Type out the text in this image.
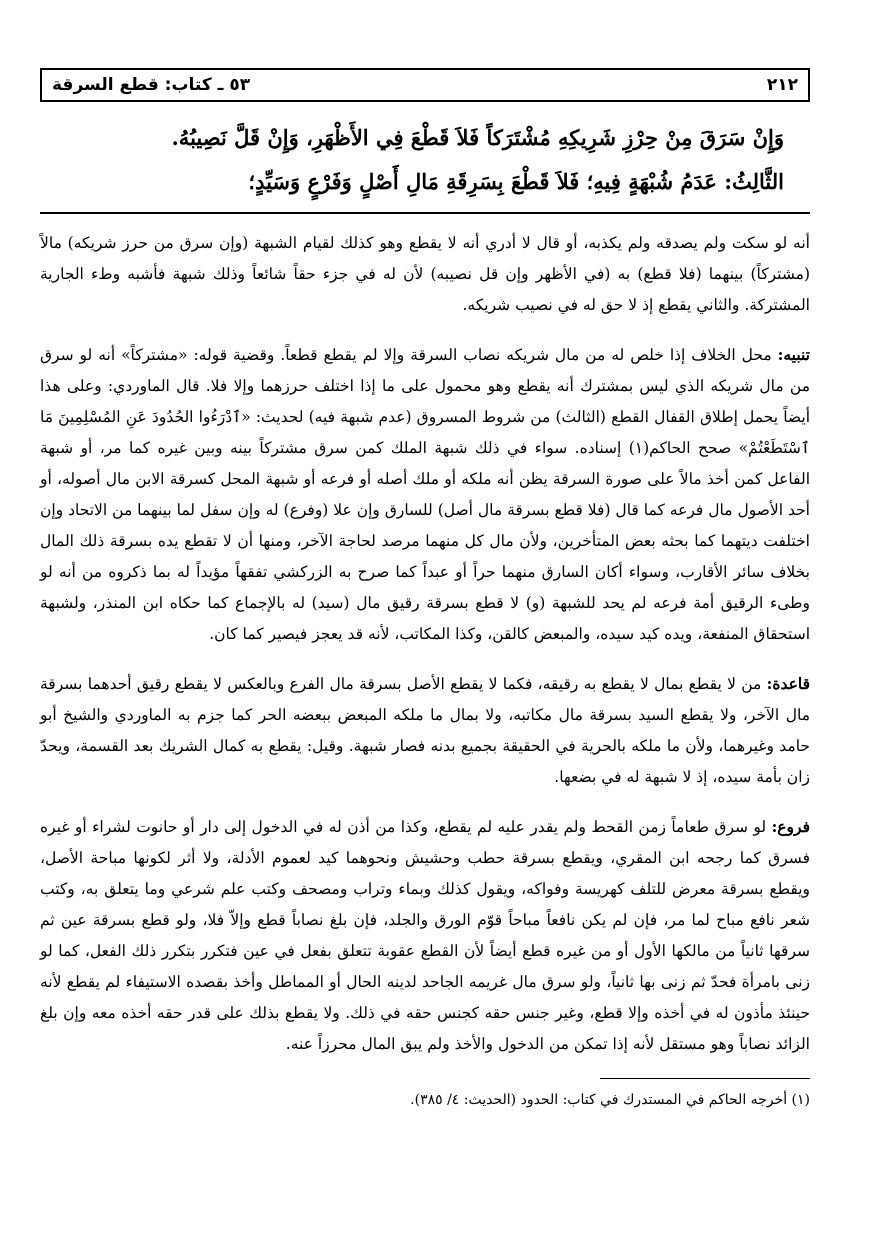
٢١٢
٥٣ ـ كتاب: قطع السرقة
وَإِنْ سَرَقَ مِنْ حِرْزِ شَرِيكِهِ مُشْتَرَكاً فَلاَ قَطْعَ فِي الأَظْهَرِ، وَإِنْ قَلَّ نَصِيبُهُ.
الثَّالِثُ: عَدَمُ شُبْهَةٍ فِيهِ؛ فَلاَ قَطْعَ بِسَرِقَةِ مَالِ أَصْلٍ وَفَرْعٍ وَسَيِّدٍ؛

أنه لو سكت ولم يصدقه ولم يكذبه، أو قال لا أدري أنه لا يقطع وهو كذلك لقيام الشبهة (وإن سرق من حرز شريكه) مالاً (مشتركاً) بينهما (فلا قطع) به (في الأظهر وإن قل نصيبه) لأن له في جزء حقاً شائعاً وذلك شبهة فأشبه وطء الجارية المشتركة. والثاني يقطع إذ لا حق له في نصيب شريكه.

تنبيه: محل الخلاف إذا خلص له من مال شريكه نصاب السرقة وإلا لم يقطع قطعاً. وقضية قوله: «مشتركاً» أنه لو سرق من مال شريكه الذي ليس بمشترك أنه يقطع وهو محمول على ما إذا اختلف حرزهما وإلا فلا. قال الماوردي: وعلى هذا أيضاً يحمل إطلاق القفال القطع (الثالث) من شروط المسروق (عدم شبهة فيه) لحديث: «ٱدْرَءُوا الحُدُودَ عَنِ المُسْلِمِينَ مَا ٱسْتَطَعْتُمْ» صحح الحاكم(١) إسناده. سواء في ذلك شبهة الملك كمن سرق مشتركاً بينه وبين غيره كما مر، أو شبهة الفاعل كمن أخذ مالاً على صورة السرقة يظن أنه ملكه أو ملك أصله أو فرعه أو شبهة المحل كسرقة الابن مال أصوله، أو أحد الأصول مال فرعه كما قال (فلا قطع بسرقة مال أصل) للسارق وإن علا (وفرع) له وإن سفل لما بينهما من الاتحاد وإن اختلفت ديتهما كما بحثه بعض المتأخرين، ولأن مال كل منهما مرصد لحاجة الآخر، ومنها أن لا تقطع يده بسرقة ذلك المال بخلاف سائر الأقارب، وسواء أكان السارق منهما حراً أو عبداً كما صرح به الزركشي تفقهاً مؤيداً له بما ذكروه من أنه لو وطىء الرقيق أمة فرعه لم يحد للشبهة (و) لا قطع بسرقة رقيق مال (سيد) له بالإجماع كما حكاه ابن المنذر، ولشبهة استحقاق المنفعة، ويده كيد سيده، والمبعض كالقن، وكذا المكاتب، لأنه قد يعجز فيصير كما كان.

قاعدة: من لا يقطع بمال لا يقطع به رقيقه، فكما لا يقطع الأصل بسرقة مال الفرع وبالعكس لا يقطع رقيق أحدهما بسرقة مال الآخر، ولا يقطع السيد بسرقة مال مكاتبه، ولا بمال ما ملكه المبعض ببعضه الحر كما جزم به الماوردي والشيخ أبو حامد وغيرهما، ولأن ما ملكه بالحرية في الحقيقة بجميع بدنه فصار شبهة. وقيل: يقطع به كمال الشريك بعد القسمة، ويحدّ زان بأمة سيده، إذ لا شبهة له في بضعها.

فروع: لو سرق طعاماً زمن القحط ولم يقدر عليه لم يقطع، وكذا من أذن له في الدخول إلى دار أو حانوت لشراء أو غيره فسرق كما رجحه ابن المقري، ويقطع بسرقة حطب وحشيش ونحوهما كيد لعموم الأدلة، ولا أثر لكونها مباحة الأصل، ويقطع بسرقة معرض للتلف كهريسة وفواكه، ويقول كذلك وبماء وتراب ومصحف وكتب علم شرعي وما يتعلق به، وكتب شعر نافع مباح لما مر، فإن لم يكن نافعاً مباحاً قوّم الورق والجلد، فإن بلغ نصاباً قطع وإلاّ فلا، ولو قطع بسرقة عين ثم سرقها ثانياً من مالكها الأول أو من غيره قطع أيضاً لأن القطع عقوبة تتعلق بفعل في عين فتكرر بتكرر ذلك الفعل، كما لو زنى بامرأة فحدّ ثم زنى بها ثانياً، ولو سرق مال غريمه الجاحد لدينه الحال أو المماطل وأخذ بقصده الاستيفاء لم يقطع لأنه حينئذ مأذون له في أخذه وإلا قطع، وغير جنس حقه كجنس حقه في ذلك. ولا يقطع بذلك على قدر حقه أخذه معه وإن بلغ الزائد نصاباً وهو مستقل لأنه إذا تمكن من الدخول والأخذ ولم يبق المال محرزاً عنه.

(١) أخرجه الحاكم في المستدرك في كتاب: الحدود (الحديث: ٤/ ٣٨٥).
